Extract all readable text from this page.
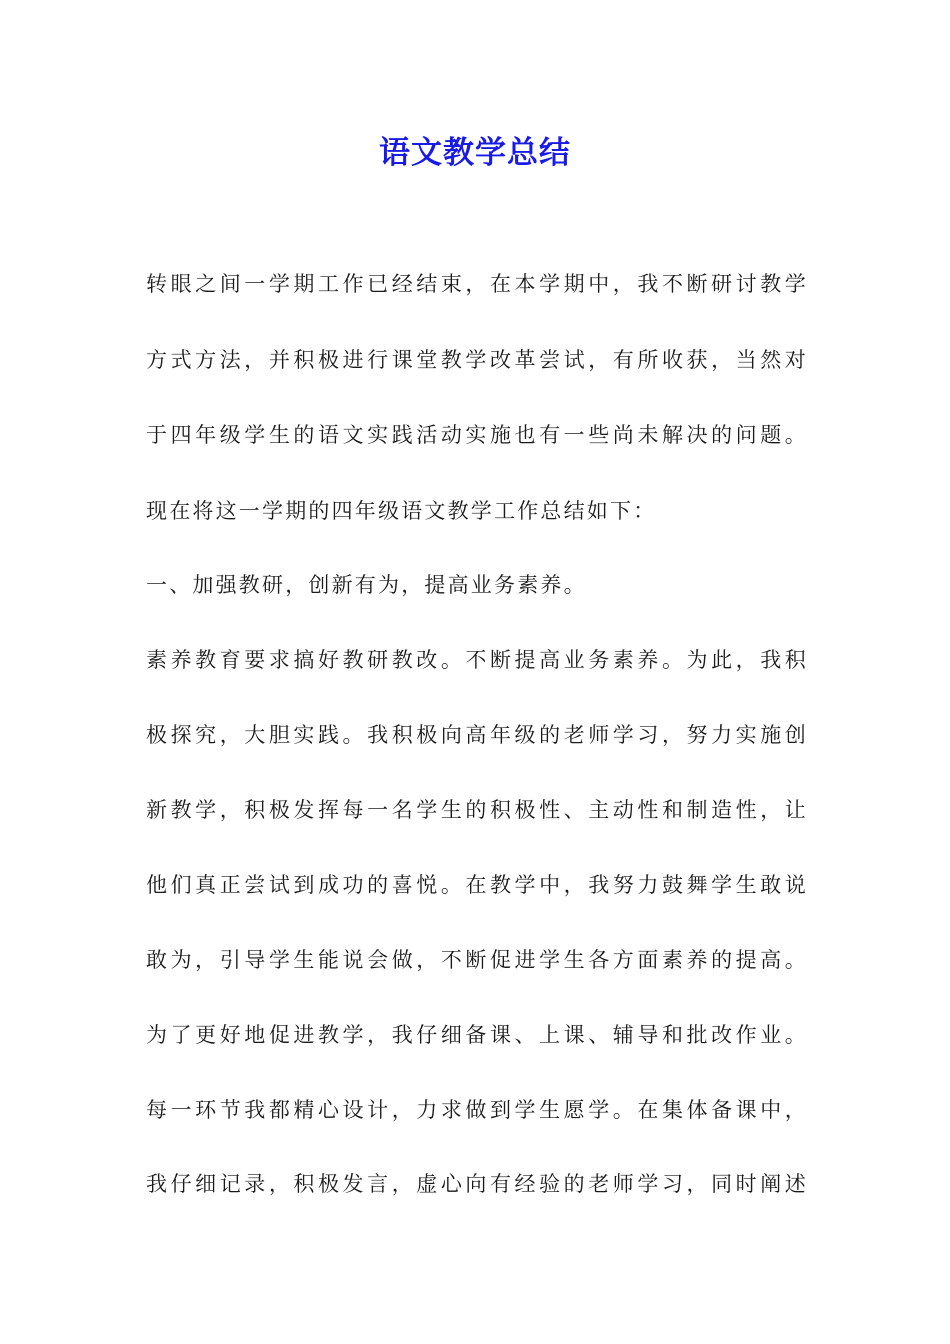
语文教学总结
转眼之间一学期工作已经结束，在本学期中，我不断研讨教学
方式方法，并积极进行课堂教学改革尝试，有所收获，当然对
于四年级学生的语文实践活动实施也有一些尚未解决的问题。
现在将这一学期的四年级语文教学工作总结如下：
一、加强教研，创新有为，提高业务素养。
素养教育要求搞好教研教改。不断提高业务素养。为此，我积
极探究，大胆实践。我积极向高年级的老师学习，努力实施创
新教学，积极发挥每一名学生的积极性、主动性和制造性，让
他们真正尝试到成功的喜悦。在教学中，我努力鼓舞学生敢说
敢为，引导学生能说会做，不断促进学生各方面素养的提高。
为了更好地促进教学，我仔细备课、上课、辅导和批改作业。
每一环节我都精心设计，力求做到学生愿学。在集体备课中，
我仔细记录，积极发言，虚心向有经验的老师学习，同时阐述
